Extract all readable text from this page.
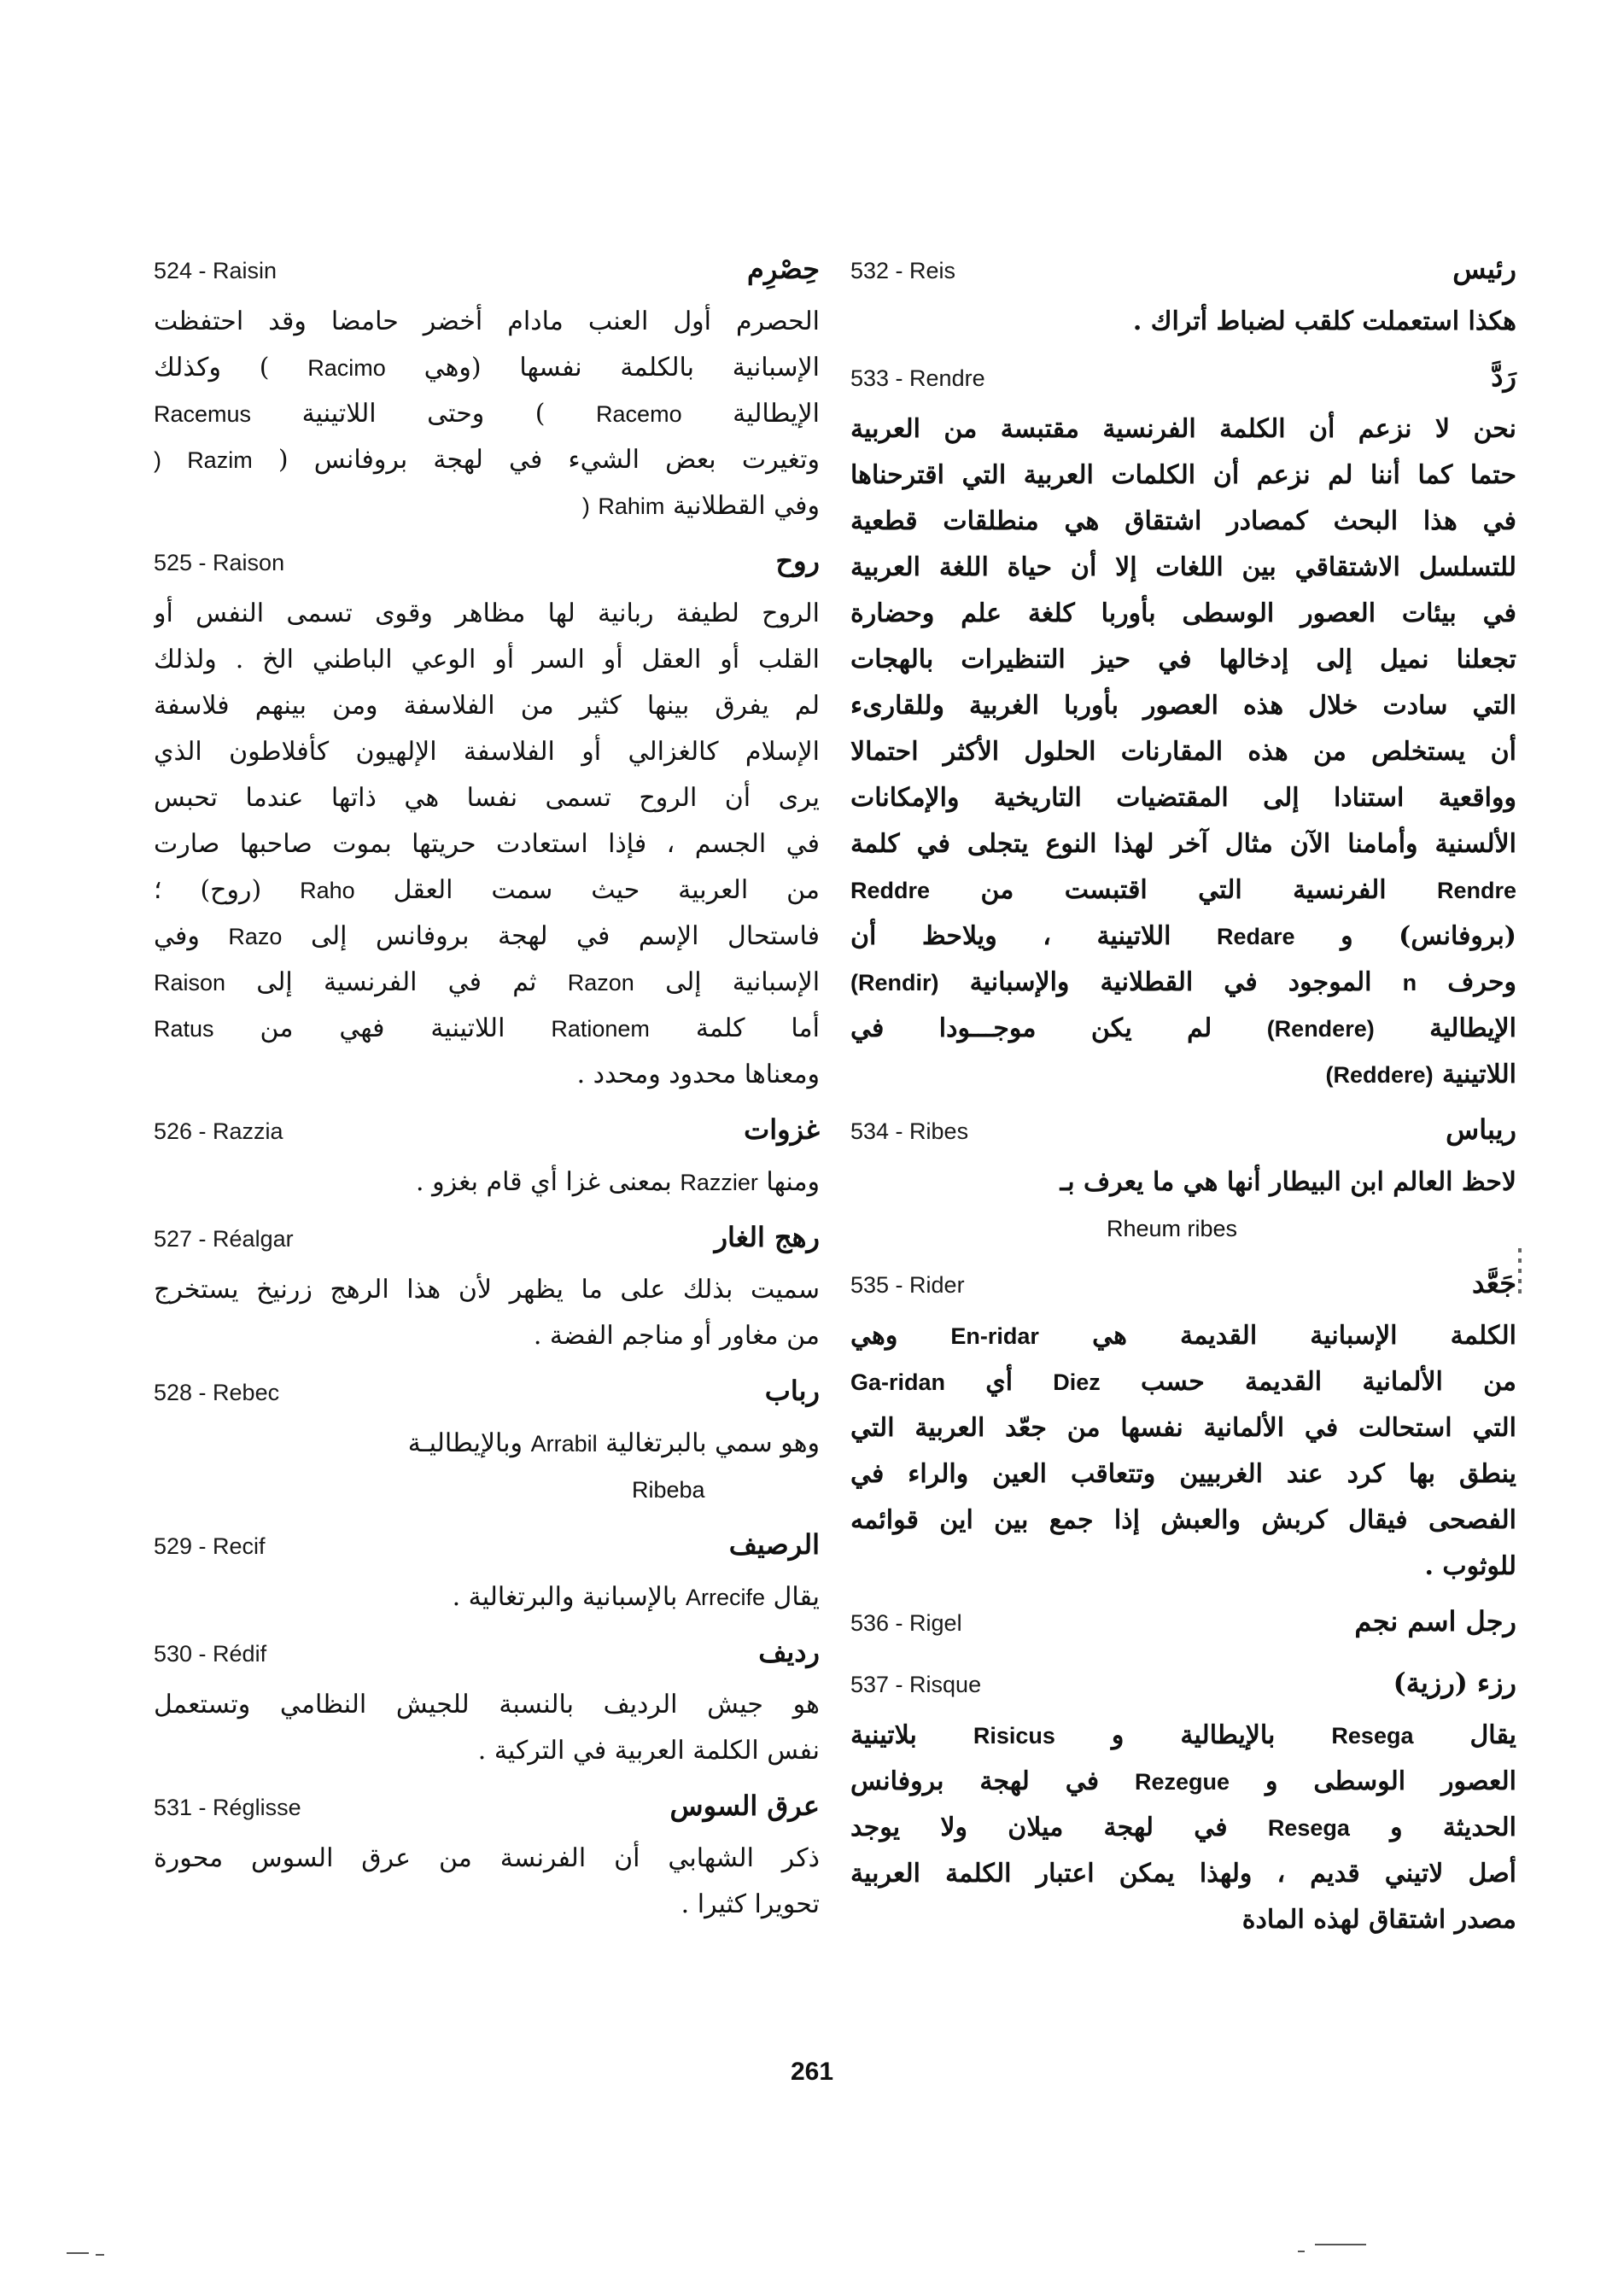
524 - Raisin	حِصْرِم
الحصرم أول العنب مادام أخضر حامضا وقد احتفظت
الإسبانية بالكلمة نفسها (وهي Racimo ) وكذلك
الإيطالية Racemo ) وحتى اللاتينية Racemus
وتغيرت بعض الشيء في لهجة بروفانس ( Razim )
وفي القطلانية Rahim )
525 - Raison	روح
الروح لطيفة ربانية لها مظاهر وقوى تسمى النفس أو
القلب أو العقل أو السر أو الوعي الباطني الخ . ولذلك
لم يفرق بينها كثير من الفلاسفة ومن بينهم فلاسفة
الإسلام كالغزالي أو الفلاسفة الإلهيون كأفلاطون الذي
يرى أن الروح تسمى نفسا هي ذاتها عندما تحبس
في الجسم ، فإذا استعادت حريتها بموت صاحبها صارت
من العربية حيث سمت العقل Raho (روح) ؛
فاستحال الإسم في لهجة بروفانس إلى Razo وفي
الإسبانية إلى Razon ثم في الفرنسية إلى Raison
أما كلمة Rationem اللاتينية فهي من Ratus
ومعناها محدود ومحدد .
526 - Razzia	غزوات
ومنها Razzier بمعنى غزا أي قام بغزو .
527 - Réalgar	رهج الغار
سميت بذلك على ما يظهر لأن هذا الرهج زرنيخ يستخرج
من مغاور أو مناجم الفضة .
528 - Rebec	رباب
وهو سمي بالبرتغالية Arrabil وبالإيطاليـة
Ribeba
529 - Recif	الرصيف
يقال Arrecife بالإسبانية والبرتغالية .
530 - Rédif	رديف
هو جيش الرديف بالنسبة للجيش النظامي وتستعمل
نفس الكلمة العربية في التركية .
531 - Réglisse	عرق السوس
ذكر الشهابي أن الفرنسة من عرق السوس محورة
تحويرا كثيرا .
532 - Reis	رئيس
هكذا استعملت كلقب لضباط أتراك .
533 - Rendre	رَدَّ
نحن لا نزعم أن الكلمة الفرنسية مقتبسة من العربية
حتما كما أننا لم نزعم أن الكلمات العربية التي اقترحناها
في هذا البحث كمصادر اشتقاق هي منطلقات قطعية
للتسلسل الاشتقاقي بين اللغات إلا أن حياة اللغة العربية
في بيئات العصور الوسطى بأوربا كلغة علم وحضارة
تجعلنا نميل إلى إدخالها في حيز التنظيرات بالهجات
التي سادت خلال هذه العصور بأوربا الغربية وللقارىء
أن يستخلص من هذه المقارنات الحلول الأكثر احتمالا
وواقعية استنادا إلى المقتضيات التاريخية والإمكانات
الألسنية وأمامنا الآن مثال آخر لهذا النوع يتجلى في كلمة
Rendre الفرنسية التي اقتبست من Reddre
(بروفانس) و Redare اللاتينية ، ويلاحظ أن
وحرف n الموجود في القطلانية والإسبانية (Rendir)
الإيطالية (Rendere) لم يكن موجـــودا في
اللاتينية (Reddere)
534 - Ribes	ريباس
لاحظ العالم ابن البيطار أنها هي ما يعرف بـ
Rheum ribes
535 - Rider	جَعَّد
الكلمة الإسبانية القديمة هي En-ridar وهي
من الألمانية القديمة حسب Diez أي Ga-ridan
التي استحالت في الألمانية نفسها من جعّد العربية التي
ينطق بها كرد عند الغربيين وتتعاقب العين والراء في
الفصحى فيقال كربش والعبش إذا جمع بين اين قوائمه
للوثوب .
536 - Rigel	رجل اسم نجم
537 - Risque	رزء (رزية)
يقال Resega بالإيطالية و Risicus بلاتينية
العصور الوسطى و Rezegue في لهجة بروفانس
الحديثة و Resega في لهجة ميلان ولا يوجد
أصل لاتيني قديم ، ولهذا يمكن اعتبار الكلمة العربية
مصدر اشتقاق لهذه المادة
261
